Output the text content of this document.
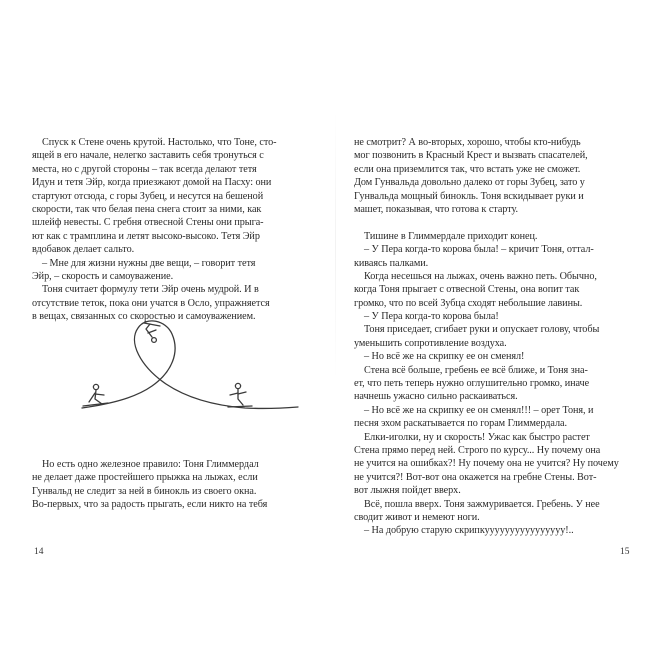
Спуск к Стене очень крутой. Настолько, что Тоне, сто-
ящей в его начале, нелегко заставить себя тронуться с
места, но с другой стороны – так всегда делают тетя
Идун и тетя Эйр, когда приезжают домой на Пасху: они
стартуют отсюда, с горы Зубец, и несутся на бешеной
скорости, так что белая пена снега стоит за ними, как
шлейф невесты. С гребня отвесной Стены они прыга-
ют как с трамплина и летят высоко-высоко. Тетя Эйр
вдобавок делает сальто.
– Мне для жизни нужны две вещи, – говорит тетя
Эйр, – скорость и самоуважение.
Тоня считает формулу тети Эйр очень мудрой. И в
отсутствие теток, пока они учатся в Осло, упражняется
в вещах, связанных со скоростью и самоуважением.
Но есть одно железное правило: Тоня Глиммердал
не делает даже простейшего прыжка на лыжах, если
Гунвальд не следит за ней в бинокль из своего окна.
Во-первых, что за радость прыгать, если никто на тебя
14
не смотрит? А во-вторых, хорошо, чтобы кто-нибудь
мог позвонить в Красный Крест и вызвать спасателей,
если она приземлится так, что встать уже не сможет.
Дом Гунвальда довольно далеко от горы Зубец, зато у
Гунвальда мощный бинокль. Тоня вскидывает руки и
машет, показывая, что готова к старту.
Тишине в Глиммердале приходит конец.
– У Пера когда-то корова была! – кричит Тоня, оттал-
киваясь палками.
Когда несешься на лыжах, очень важно петь. Обычно,
когда Тоня прыгает с отвесной Стены, она вопит так
громко, что по всей Зубца сходят небольшие лавины.
– У Пера когда-то корова была!
Тоня приседает, сгибает руки и опускает голову, чтобы
уменьшить сопротивление воздуха.
– Но всё же на скрипку ее он сменял!
Стена всё больше, гребень ее всё ближе, и Тоня зна-
ет, что петь теперь нужно оглушительно громко, иначе
начнешь ужасно сильно раскаиваться.
– Но всё же на скрипку ее он сменял!!! – орет Тоня, и
песня эхом раскатывается по горам Глиммердала.
Елки-иголки, ну и скорость! Ужас как быстро растет
Стена прямо перед ней. Строго по курсу... Ну почему она
не учится на ошибках?! Ну почему она не учится? Ну почему
не учится?! Вот-вот она окажется на гребне Стены. Вот-
вот лыжня пойдет вверх.
Всё, пошла вверх. Тоня зажмуривается. Гребень. У нее
сводит живот и немеют ноги.
– На добрую старую скрипкуууууууууууууууу!..
15
